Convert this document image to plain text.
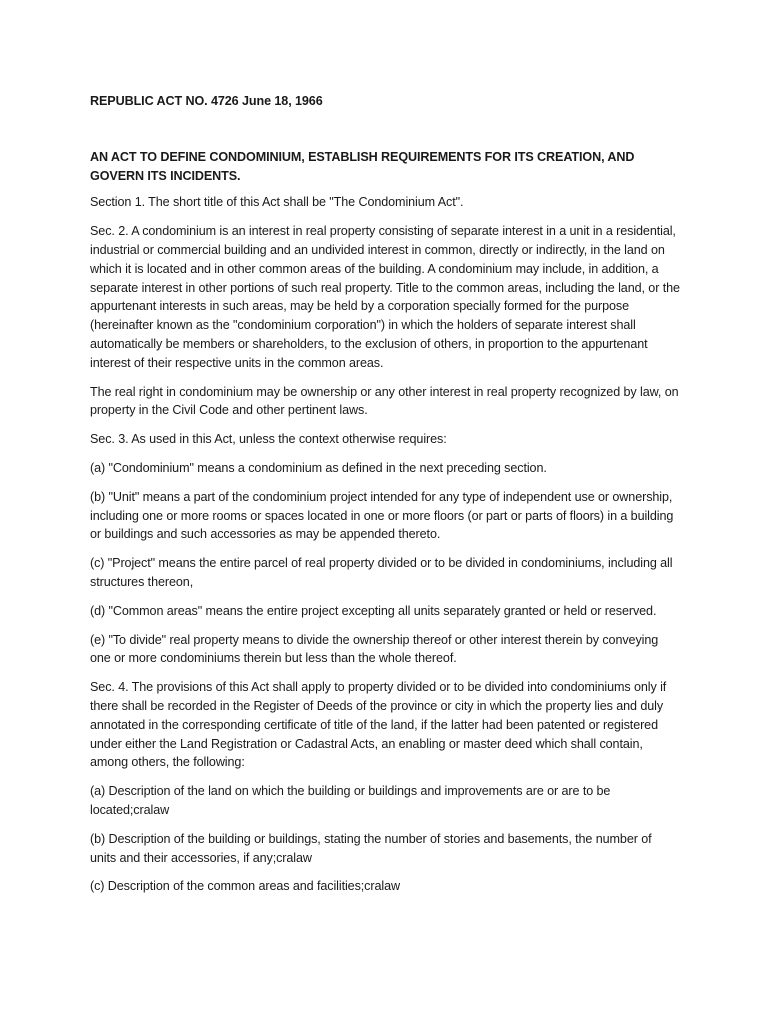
REPUBLIC ACT NO. 4726 June 18, 1966

AN ACT TO DEFINE CONDOMINIUM, ESTABLISH REQUIREMENTS FOR ITS CREATION, AND GOVERN ITS INCIDENTS.

Section 1. The short title of this Act shall be "The Condominium Act".

Sec. 2. A condominium is an interest in real property consisting of separate interest in a unit in a residential, industrial or commercial building and an undivided interest in common, directly or indirectly, in the land on which it is located and in other common areas of the building. A condominium may include, in addition, a separate interest in other portions of such real property. Title to the common areas, including the land, or the appurtenant interests in such areas, may be held by a corporation specially formed for the purpose (hereinafter known as the "condominium corporation") in which the holders of separate interest shall automatically be members or shareholders, to the exclusion of others, in proportion to the appurtenant interest of their respective units in the common areas.

The real right in condominium may be ownership or any other interest in real property recognized by law, on property in the Civil Code and other pertinent laws.

Sec. 3. As used in this Act, unless the context otherwise requires:

(a) "Condominium" means a condominium as defined in the next preceding section.

(b) "Unit" means a part of the condominium project intended for any type of independent use or ownership, including one or more rooms or spaces located in one or more floors (or part or parts of floors) in a building or buildings and such accessories as may be appended thereto.

(c) "Project" means the entire parcel of real property divided or to be divided in condominiums, including all structures thereon,

(d) "Common areas" means the entire project excepting all units separately granted or held or reserved.

(e) "To divide" real property means to divide the ownership thereof or other interest therein by conveying one or more condominiums therein but less than the whole thereof.

Sec. 4. The provisions of this Act shall apply to property divided or to be divided into condominiums only if there shall be recorded in the Register of Deeds of the province or city in which the property lies and duly annotated in the corresponding certificate of title of the land, if the latter had been patented or registered under either the Land Registration or Cadastral Acts, an enabling or master deed which shall contain, among others, the following:

(a) Description of the land on which the building or buildings and improvements are or are to be located;cralaw

(b) Description of the building or buildings, stating the number of stories and basements, the number of units and their accessories, if any;cralaw

(c) Description of the common areas and facilities;cralaw
